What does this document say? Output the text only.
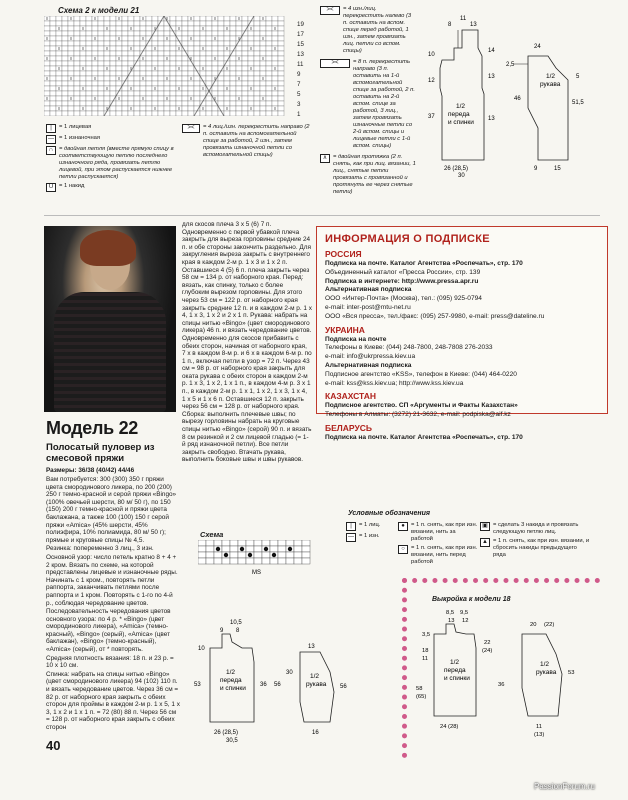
Схема 2 к модели 21
19
17
15
13
11
9
7
5
3
1
|	= 1 лицевая
— = 1 изнаночная
∩	= двойная петля (вместе прямую спицу в соответствующую петлю последнего изнаночного ряда, провязать петлю лицевой, при этом распускается нижнее петли распускается)
U	= 1 накид
><	= 4 лиц./изн. перекрестить направо (2 п. оставить на вспомогательной спице за работой, 2 изн., затем провязать изнаночной петли со вспомогательной спицы)
><	= 4 изн./лиц. перекрестить налево (3 п. оставить на вспом. спице перед работой, 1 изн., затем провязать лиц. петли со вспом. спицы)
><	= 8 п. перекрестить направо (3 п. оставить на 1-й вспомогательной спице за работой, 2 п. оставить на 2-й вспом. спице за работой, 3 лиц., затем провязать изнаночные петли со 2-й вспом. спицы и лицевые петли с 1-й вспом. спицы)
∧ = двойная протяжка (2 п. снять, как при лиц. вязании, 1 лиц., снятые петли провязать с провязанной и протянуть ее через снятые петли)
8
11
13
14
10
13
12
37	13
1/2
переда
и спинки
26 (28,5)
30
9
24
15
2,5
46
5
1/2
рукава
51,5
Модель 22
Полосатый пуловер из смесовой пряжи
Размеры: 36/38 (40/42) 44/46

Вам потребуется: 300 (300) 350 г пряжи цвета смородинового ликера, по 200 (200) 250 г темно-красной и серой пряжи «Bingo» (100% овечьей шерсти, 80 м/ 50 г), по 150 (150) 200 г темно-красной и пряжи цвета баклажана, а также 100 (100) 150 г серой пряжи «Amica» (45% шерсти, 45% полиэфира, 10% полиамида, 80 м/ 50 г); прямые и круговые спицы № 4,5.

Резинка: попеременно 3 лиц., 3 изн.

Основной узор: число петель кратно 8 + 4 + 2 кром. Вязать по схеме, на которой представлены лицевые и изнаночные ряды. Начинать с 1 кром., повторять петли раппорта, заканчивать петлями после раппорта и 1 кром. Повторять с 1-го по 4-й р., соблюдая чередование цветов.

Последовательность чередования цветов основного узора: по 4 р. * «Bingo» (цвет смородинового ликера), «Amica» (темно-красный), «Bingo» (серый), «Amica» (цвет баклажан), «Bingo» (темно-красный), «Amica» (серый), от * повторять.

Средняя плотность вязания: 18 п. и 23 р. = 10 х 10 см.

Спинка: набрать на спицы нитью «Bingo» (цвет смородинового ликера) 94 (102) 110 п. и вязать чередование цветов. Через 36 см = 82 р. от наборного края закрыть с обеих сторон для проймы в каждом 2-м р. 1 х 5, 1 х 3, 1 х 2 и 1 х 1 п. = 72 (80) 88 п. Через 56 см = 128 р. от наборного края закрыть с обеих сторон

для скосов плеча 3 х 5 (6) 7 п. Одновременно с первой убавкой плеча закрыть для выреза горловины средние 24 п. и обе стороны закончить раздельно. Для закругления выреза закрыть с внутреннего края в каждом 2-м р. 1 х 3 и 1 х 2 п. Оставшиеся 4 (5) 6 п. плеча закрыть через 58 см = 134 р. от наборного края. Перед: вязать, как спинку, только с более глубоким вырезом горловины. Для этого через 53 см = 122 р. от наборного края закрыть средние 12 п. и в каждом 2-м р. 1 х 4, 1 х 3, 1 х 2 и 2 х 1 п. Рукава: набрать на спицы нитью «Bingo» (цвет смородинового ликера) 46 п. и вязать чередование цветов. Одновременно для скосов прибавить с обеих сторон, начиная от наборного края, 7 х в каждом 8-м р. и 6 х в каждом 6-м р. по 1 п., включая петли в узор = 72 п. Через 43 см = 98 р. от наборного края закрыть для оката рукава с обеих сторон в каждом 2-м р. 1 х 3, 1 х 2, 1 х 1 п., в каждом 4-м р. 3 х 1 п., в каждом 2-м р. 1 х 1, 1 х 2, 1 х 3, 1 х 4, 1 х 5 и 1 х 6 п. Оставшиеся 12 п. закрыть через 56 см = 128 р. от наборного края. Сборка: выполнить плечевые швы; по вырезу горловины набрать на круговые спицы нитью «Bingo» (серой) 90 п. и вязать 8 см резинкой и 2 см лицевой гладью (= 1-й ряд изнаночной петли). Все петли закрыть свободно. Втачать рукава, выполнить боковые швы и швы рукавов.
ИНФОРМАЦИЯ О ПОДПИСКЕ
РОССИЯ

Подписка на почте. Каталог Агентства «Роспечать», стр. 170

Объединенный каталог «Пресса России», стр. 139

Подписка в интернете: http://www.pressa.apr.ru

Альтернативная подписка

ООО «Интер-Почта» (Москва), тел.: (095) 925-0794

e-mail: inter-post@mtu-net.ru

ООО «Вся пресса», тел./факс: (095) 257-9980, e-mail: press@dateline.ru

УКРАИНА

Подписка на почте

Телефоны в Киеве: (044) 248-7800, 248-7808 276-2033

e-mail: info@ukrpressa.kiev.ua

Альтернативная подписка

Подписное агентство «KSS», телефон в Киеве: (044) 464-0220

e-mail: kss@kss.kiev.ua; http://www.kss.kiev.ua

КАЗАХСТАН

Подписное агентство. СП «Аргументы и Факты Казахстан»

Телефоны в Алматы: (3272) 21-3632, e-mail: podpiska@aif.kz

БЕЛАРУСЬ

Подписка на почте. Каталог Агентства «Роспечать», стр. 170

Схема
MS
Условные обозначения
|	= 1 лиц.
— = 1 изн.
●	= 1 п. снять, как при изн. вязании, нить за работой
○	= 1 п. снять, как при изн. вязании, нить перед работой
▣ = сделать 3 накида и провязать следующую петлю лиц.
▲ = 1 п. снять, как при изн. вязании, и сбросить накиды предыдущего ряда
10,5
9 8
10
53
1/2
переда
и спинки 36 56
26 (28,5)
30,5
13
16
1/2
рукава
30
56
Выкройка к модели 18
8,5 9,5
13 12
3,5
18
11	1/2
переда
и спинки
58
(65)
24 (28)
22
(24)
36
20 (22)
1/2
рукава 53
11
(13)
40
PassionForum.ru
